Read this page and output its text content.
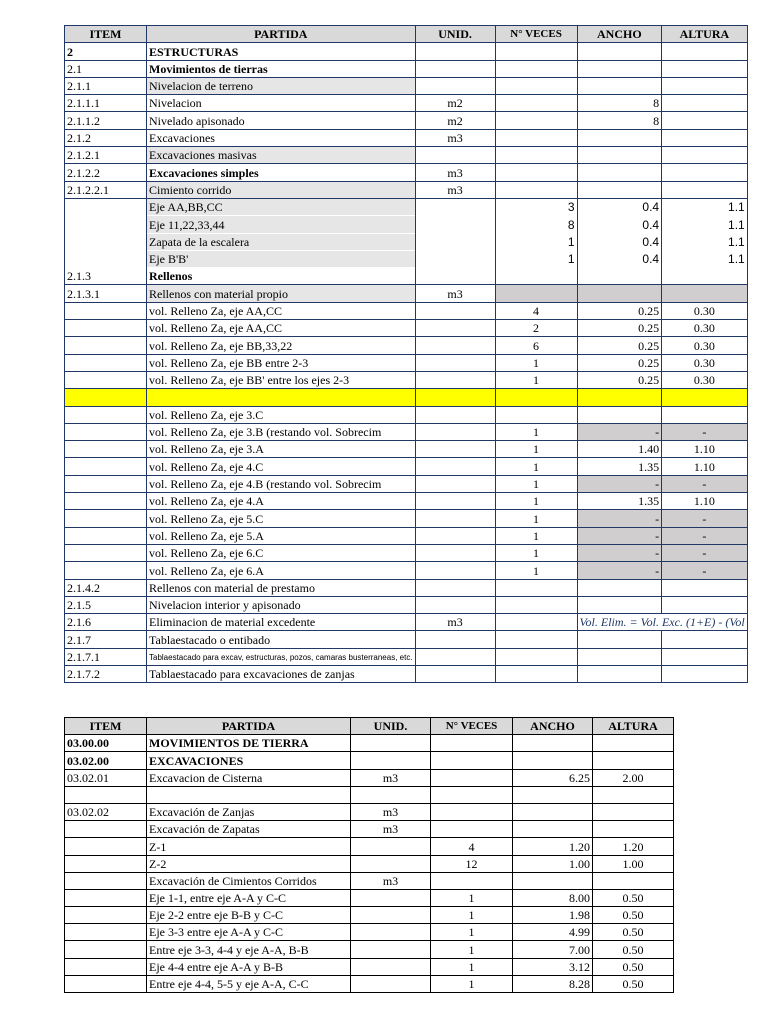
ITEM	PARTIDA	UNID.	N° VECES	ANCHO	ALTURA
2	ESTRUCTURAS				
2.1	Movimientos de tierras				
2.1.1	Nivelacion de terreno				
2.1.1.1	Nivelacion	m2		8	
2.1.1.2	Nivelado apisonado	m2		8	
2.1.2	Excavaciones	m3			
2.1.2.1	Excavaciones masivas				
2.1.2.2	Excavaciones simples	m3			
2.1.2.2.1	Cimiento corrido	m3			
	Eje AA,BB,CC		3	0.4	1.1
	Eje 11,22,33,44		8	0.4	1.1
	Zapata de la escalera		1	0.4	1.1
	Eje B'B'		1	0.4	1.1
2.1.3	Rellenos				
2.1.3.1	Rellenos con material propio	m3			
	vol. Relleno Za, eje AA,CC		4	0.25	0.30
	vol. Relleno Za, eje AA,CC		2	0.25	0.30
	vol. Relleno Za, eje BB,33,22		6	0.25	0.30
	vol. Relleno Za, eje BB entre 2-3		1	0.25	0.30
	vol. Relleno Za, eje BB' entre los ejes 2-3		1	0.25	0.30

	vol. Relleno Za, eje 3.C				
	vol. Relleno Za, eje 3.B (restando vol. Sobrecim		1	-	-
	vol. Relleno Za, eje 3.A		1	1.40	1.10
	vol. Relleno Za, eje 4.C		1	1.35	1.10
	vol. Relleno Za, eje 4.B (restando vol. Sobrecim		1	-	-
	vol. Relleno Za, eje 4.A		1	1.35	1.10
	vol. Relleno Za, eje 5.C		1	-	-
	vol. Relleno Za, eje 5.A		1	-	-
	vol. Relleno Za, eje 6.C		1	-	-
	vol. Relleno Za, eje 6.A		1	-	-
2.1.4.2	Rellenos con material de prestamo				
2.1.5	Nivelacion interior y apisonado				
2.1.6	Eliminacion de material excedente	m3		Vol. Elim. = Vol. Exc. (1+E) - (Vol	
2.1.7	Tablaestacado o entibado				
2.1.7.1	Tablaestacado para excav, estructuras, pozos, camaras busterraneas, etc.				
2.1.7.2	Tablaestacado para excavaciones de zanjas				
ITEM	PARTIDA	UNID.	N° VECES	ANCHO	ALTURA
03.00.00	MOVIMIENTOS DE TIERRA				
03.02.00	EXCAVACIONES				
03.02.01	Excavacion de Cisterna	m3		6.25	2.00

03.02.02	Excavación de Zanjas	m3			
	Excavación de Zapatas	m3			
	Z-1		4	1.20	1.20
	Z-2		12	1.00	1.00
	Excavación de Cimientos Corridos	m3			
	Eje 1-1, entre eje A-A y C-C		1	8.00	0.50
	Eje 2-2 entre eje B-B y C-C		1	1.98	0.50
	Eje 3-3 entre eje A-A y C-C		1	4.99	0.50
	Entre eje 3-3, 4-4 y eje A-A, B-B		1	7.00	0.50
	Eje 4-4 entre eje A-A y B-B		1	3.12	0.50
	Entre eje 4-4, 5-5 y eje A-A, C-C		1	8.28	0.50
